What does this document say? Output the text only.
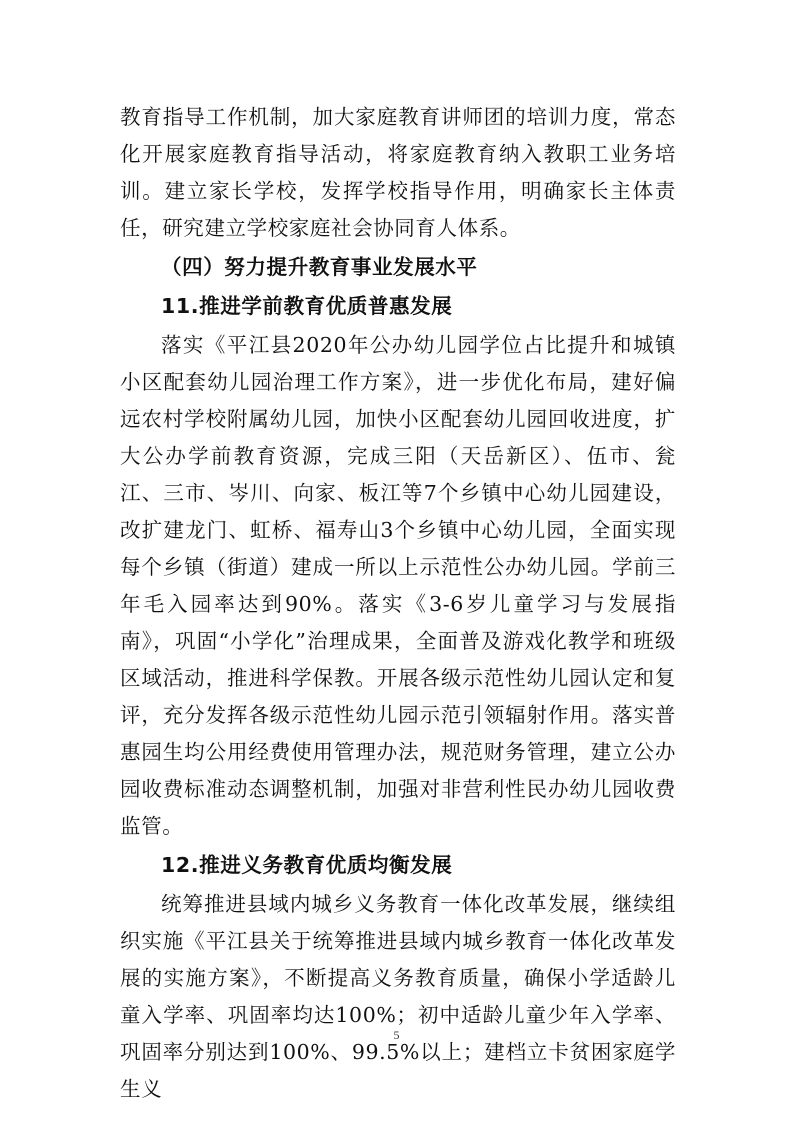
教育指导工作机制，加大家庭教育讲师团的培训力度，常态化开展家庭教育指导活动，将家庭教育纳入教职工业务培训。建立家长学校，发挥学校指导作用，明确家长主体责任，研究建立学校家庭社会协同育人体系。

（四）努力提升教育事业发展水平

11.推进学前教育优质普惠发展

落实《平江县2020年公办幼儿园学位占比提升和城镇小区配套幼儿园治理工作方案》，进一步优化布局，建好偏远农村学校附属幼儿园，加快小区配套幼儿园回收进度，扩大公办学前教育资源，完成三阳（天岳新区）、伍市、瓮江、三市、岑川、向家、板江等7个乡镇中心幼儿园建设，改扩建龙门、虹桥、福寿山3个乡镇中心幼儿园，全面实现每个乡镇（街道）建成一所以上示范性公办幼儿园。学前三年毛入园率达到90%。落实《3-6岁儿童学习与发展指南》，巩固“小学化”治理成果，全面普及游戏化教学和班级区域活动，推进科学保教。开展各级示范性幼儿园认定和复评，充分发挥各级示范性幼儿园示范引领辐射作用。落实普惠园生均公用经费使用管理办法，规范财务管理，建立公办园收费标准动态调整机制，加强对非营利性民办幼儿园收费监管。

12.推进义务教育优质均衡发展

统筹推进县域内城乡义务教育一体化改革发展，继续组织实施《平江县关于统筹推进县域内城乡教育一体化改革发展的实施方案》，不断提高义务教育质量，确保小学适龄儿童入学率、巩固率均达100%；初中适龄儿童少年入学率、巩固率分别达到100%、99.5%以上；建档立卡贫困家庭学生义

5
